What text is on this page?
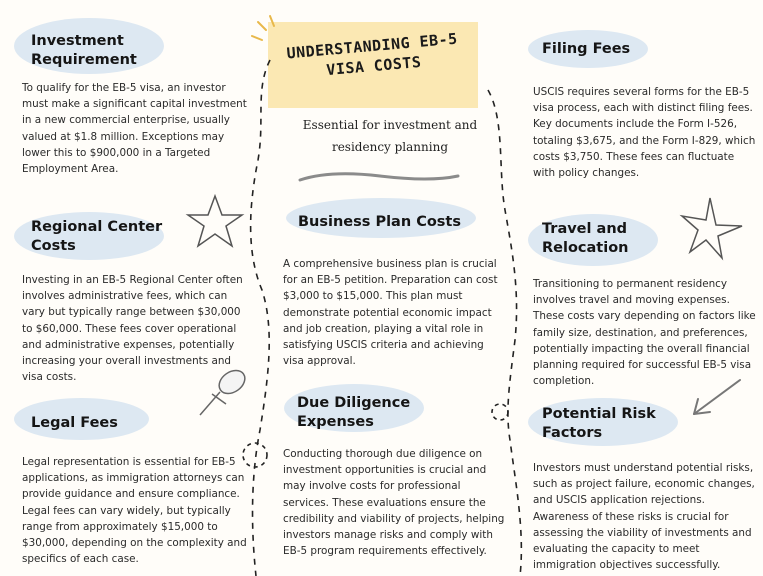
UNDERSTANDING EB-5 VISA COSTS
Essential for investment and residency planning
Investment Requirement

To qualify for the EB-5 visa, an investor must make a significant capital investment in a new commercial enterprise, usually valued at $1.8 million. Exceptions may lower this to $900,000 in a Targeted Employment Area.

Regional Center Costs

Investing in an EB-5 Regional Center often involves administrative fees, which can vary but typically range between $30,000 to $60,000. These fees cover operational and administrative expenses, potentially increasing your overall investments and visa costs.

Legal Fees

Legal representation is essential for EB-5 applications, as immigration attorneys can provide guidance and ensure compliance. Legal fees can vary widely, but typically range from approximately $15,000 to $30,000, depending on the complexity and specifics of each case.

Business Plan Costs

A comprehensive business plan is crucial for an EB-5 petition. Preparation can cost $3,000 to $15,000. This plan must demonstrate potential economic impact and job creation, playing a vital role in satisfying USCIS criteria and achieving visa approval.

Due Diligence Expenses

Conducting thorough due diligence on investment opportunities is crucial and may involve costs for professional services. These evaluations ensure the credibility and viability of projects, helping investors manage risks and comply with EB-5 program requirements effectively.

Filing Fees

USCIS requires several forms for the EB-5 visa process, each with distinct filing fees. Key documents include the Form I-526, totaling $3,675, and the Form I-829, which costs $3,750. These fees can fluctuate with policy changes.

Travel and Relocation

Transitioning to permanent residency involves travel and moving expenses. These costs vary depending on factors like family size, destination, and preferences, potentially impacting the overall financial planning required for successful EB-5 visa completion.

Potential Risk Factors

Investors must understand potential risks, such as project failure, economic changes, and USCIS application rejections. Awareness of these risks is crucial for assessing the viability of investments and evaluating the capacity to meet immigration objectives successfully.
